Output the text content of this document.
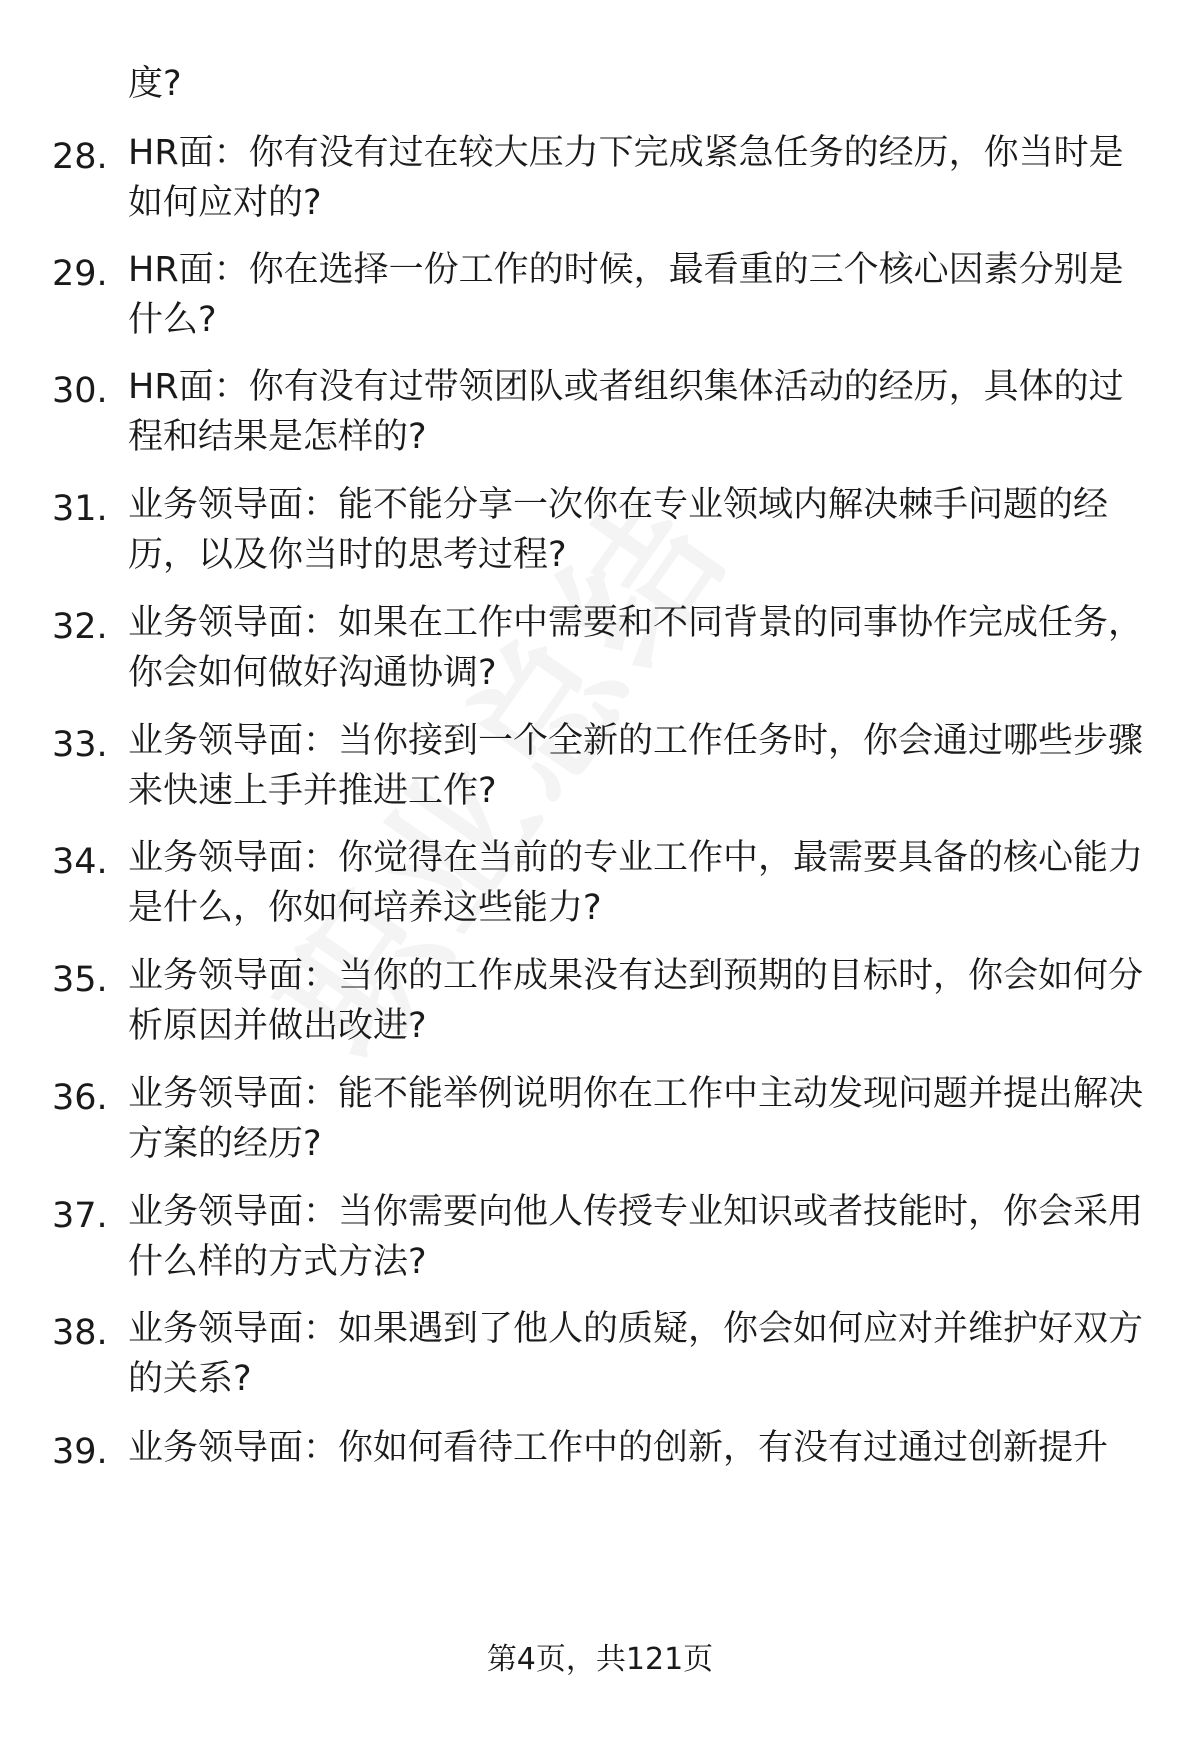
度?
28. HR面：你有没有过在较大压力下完成紧急任务的经历，你当时是如何应对的?
29. HR面：你在选择一份工作的时候，最看重的三个核心因素分别是什么?
30. HR面：你有没有过带领团队或者组织集体活动的经历，具体的过程和结果是怎样的?
31. 业务领导面：能不能分享一次你在专业领域内解决棘手问题的经历，以及你当时的思考过程?
32. 业务领导面：如果在工作中需要和不同背景的同事协作完成任务，你会如何做好沟通协调?
33. 业务领导面：当你接到一个全新的工作任务时，你会通过哪些步骤来快速上手并推进工作?
34. 业务领导面：你觉得在当前的专业工作中，最需要具备的核心能力是什么，你如何培养这些能力?
35. 业务领导面：当你的工作成果没有达到预期的目标时，你会如何分析原因并做出改进?
36. 业务领导面：能不能举例说明你在工作中主动发现问题并提出解决方案的经历?
37. 业务领导面：当你需要向他人传授专业知识或者技能时，你会采用什么样的方式方法?
38. 业务领导面：如果遇到了他人的质疑，你会如何应对并维护好双方的关系?
39. 业务领导面：你如何看待工作中的创新，有没有过通过创新提升
第4页，共121页
